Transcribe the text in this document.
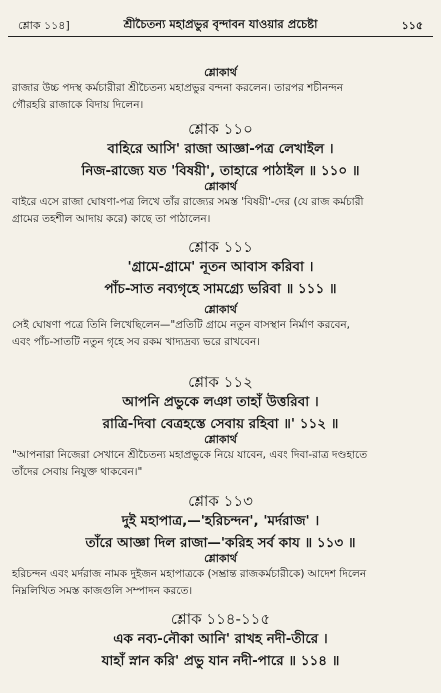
শ্লোক ১১৪]	শ্রীচৈতন্য মহাপ্রভুর বৃন্দাবন যাওয়ার প্রচেষ্টা	১১৫
শ্লোকার্থ
রাজার উচ্চ পদস্থ কর্মচারীরা শ্রীচৈতন্য মহাপ্রভুর বন্দনা করলেন। তারপর শচীনন্দন
গৌরহরি রাজাকে বিদায় দিলেন।
শ্লোক ১১০
বাহিরে আসি' রাজা আজ্ঞা-পত্র লেখাইল ।
নিজ-রাজ্যে যত 'বিষয়ী', তাহারে পাঠাইল ॥ ১১০ ॥
শ্লোকার্থ
বাইরে এসে রাজা ঘোষণা-পত্র লিখে তাঁর রাজ্যের সমস্ত 'বিষয়ী'-দের (যে রাজ কর্মচারী
গ্রামের তহশীল আদায় করে) কাছে তা পাঠালেন।
শ্লোক ১১১
'গ্রামে-গ্রামে' নূতন আবাস করিবা ।
পাঁচ-সাত নব্যগৃহে সামগ্র্যে ভরিবা ॥ ১১১ ॥
শ্লোকার্থ
সেই ঘোষণা পত্রে তিনি লিখেছিলেন—"প্রতিটি গ্রামে নতুন বাসস্থান নির্মাণ করবেন,
এবং পাঁচ-সাতটি নতুন গৃহে সব রকম খাদ্যদ্রব্য ভরে রাখবেন।
শ্লোক ১১২
আপনি প্রভুকে লঞা তাহাঁ উত্তরিবা ।
রাত্রি-দিবা বেত্রহস্তে সেবায় রহিবা ॥' ১১২ ॥
শ্লোকার্থ
"আপনারা নিজেরা সেখানে শ্রীচৈতন্য মহাপ্রভুকে নিয়ে যাবেন, এবং দিবা-রাত্র দণ্ডহাতে
তাঁদের সেবায় নিযুক্ত থাকবেন।"
শ্লোক ১১৩
দুই মহাপাত্র,—'হরিচন্দন', 'মর্দরাজ' ।
তাঁরে আজ্ঞা দিল রাজা—'করিহ সর্ব কায ॥ ১১৩ ॥
শ্লোকার্থ
হরিচন্দন এবং মর্দরাজ নামক দুইজন মহাপাত্রকে (সম্ভ্রান্ত রাজকর্মচারীকে) আদেশ দিলেন
নিম্নলিখিত সমস্ত কাজগুলি সম্পাদন করতে।
শ্লোক ১১৪-১১৫
এক নব্য-নৌকা আনি' রাখহ নদী-তীরে ।
যাহাঁ স্নান করি' প্রভু যান নদী-পারে ॥ ১১৪ ॥
